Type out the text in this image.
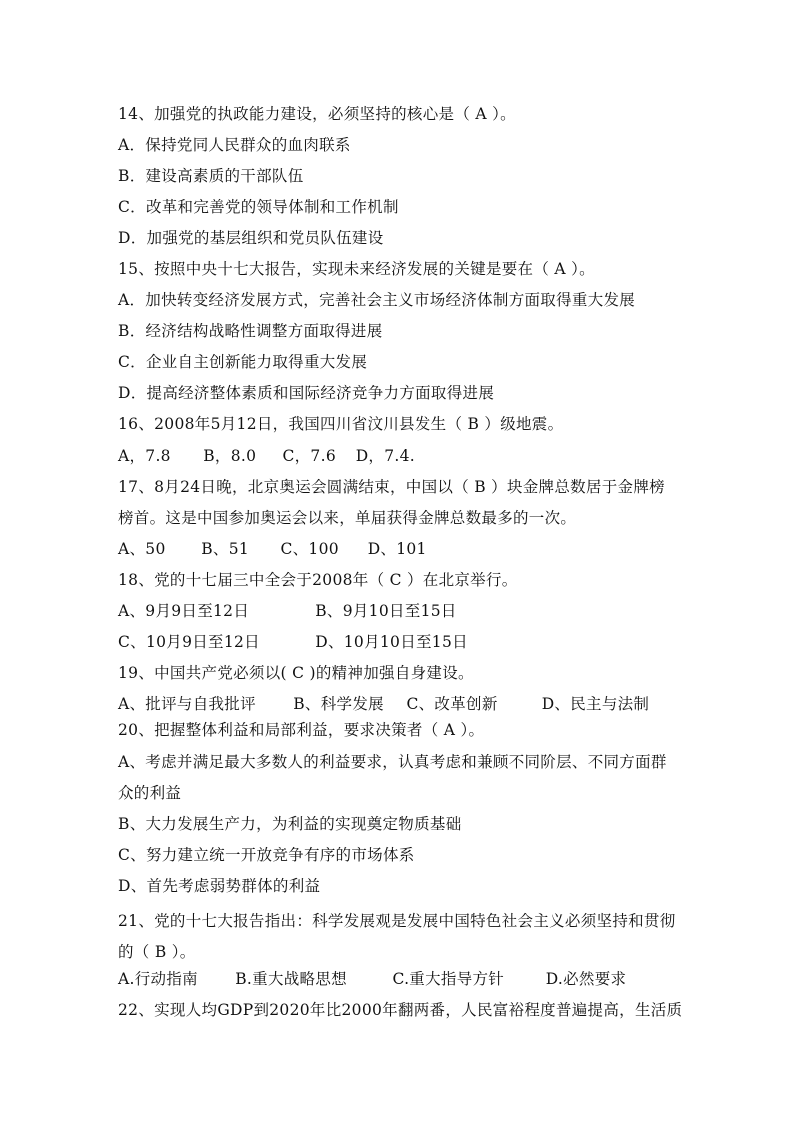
14、加强党的执政能力建设，必须坚持的核心是（ A ）。
A．保持党同人民群众的血肉联系
B．建设高素质的干部队伍
C．改革和完善党的领导体制和工作机制
D．加强党的基层组织和党员队伍建设
15、按照中央十七大报告，实现未来经济发展的关键是要在（ A ）。
A．加快转变经济发展方式，完善社会主义市场经济体制方面取得重大发展
B．经济结构战略性调整方面取得进展
C．企业自主创新能力取得重大发展
D．提高经济整体素质和国际经济竞争力方面取得进展
16、2008年5月12日，我国四川省汶川县发生（ B ）级地震。
A，7.8 B，8.0 C，7.6 D，7.4.
17、8月24日晚，北京奥运会圆满结束，中国以（ B ）块金牌总数居于金牌榜
榜首。这是中国参加奥运会以来，单届获得金牌总数最多的一次。
A、50 B、51 C、100 D、101
18、党的十七届三中全会于2008年（ C ）在北京举行。
A、9月9日至12日	B、9月10日至15日
C、10月9日至12日	D、10月10日至15日
19、中国共产党必须以( C )的精神加强自身建设。
A、批评与自我批评 B、科学发展 C、改革创新	D、民主与法制
20、把握整体利益和局部利益，要求决策者（ A ）。
A、考虑并满足最大多数人的利益要求，认真考虑和兼顾不同阶层、不同方面群
众的利益
B、大力发展生产力，为利益的实现奠定物质基础
C、努力建立统一开放竞争有序的市场体系
D、首先考虑弱势群体的利益
21、党的十七大报告指出：科学发展观是发展中国特色社会主义必须坚持和贯彻
的（ B ）。
A.行动指南 B.重大战略思想	C.重大指导方针	D.必然要求
22、实现人均GDP到2020年比2000年翻两番，人民富裕程度普遍提高，生活质
